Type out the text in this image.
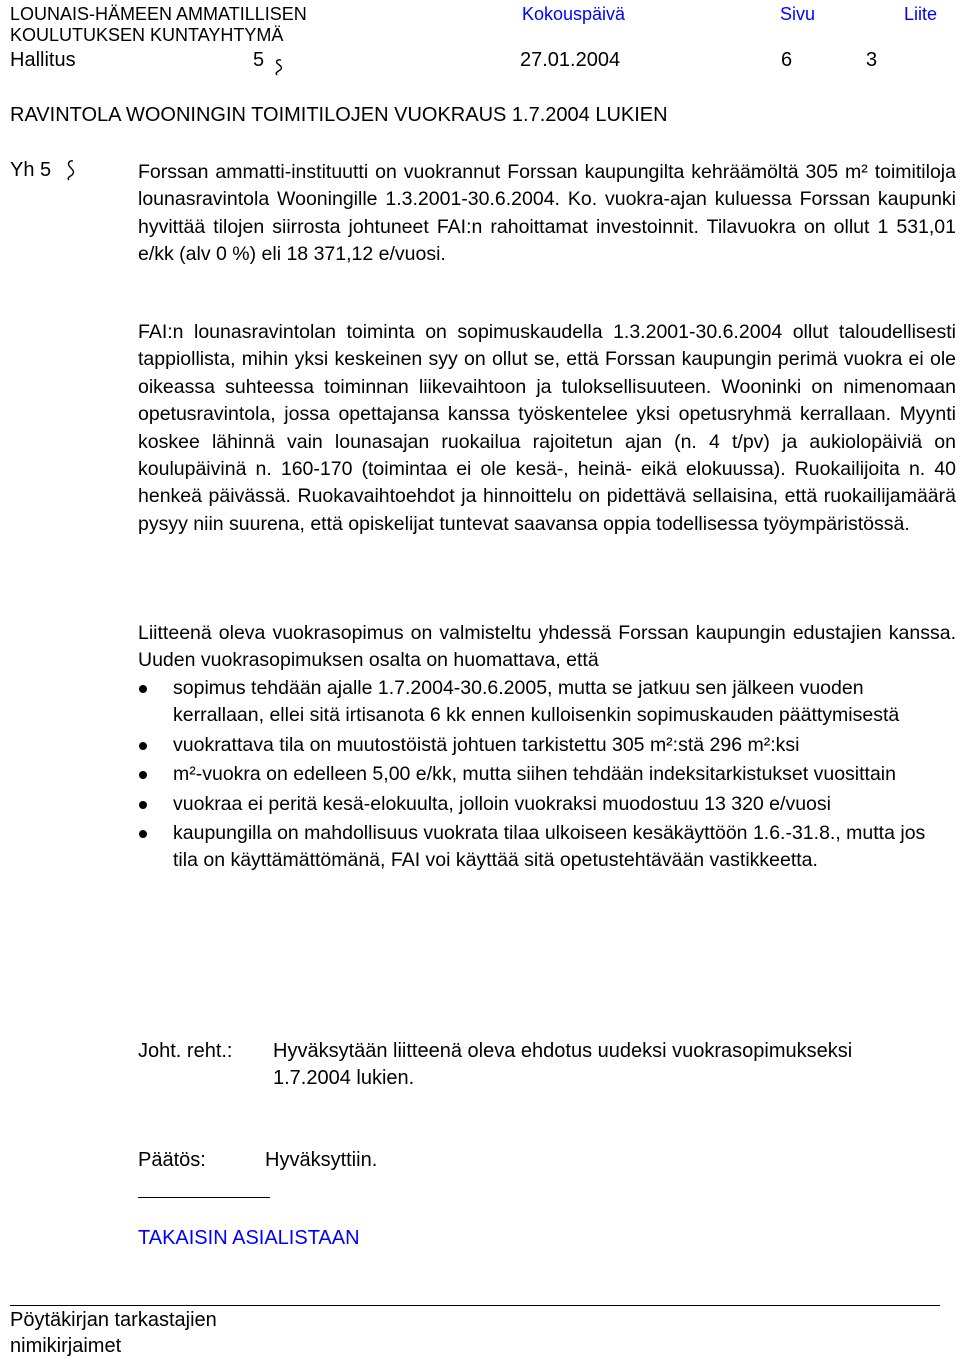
LOUNAIS-HÄMEEN AMMATILLISEN
KOULUTUKSEN KUNTAYHTYMÄ
Kokouspäivä	Sivu	Liite
Hallitus	5	27.01.2004	6	3
RAVINTOLA WOONINGIN TOIMITILOJEN VUOKRAUS 1.7.2004 LUKIEN
Yh 5	Forssan ammatti-instituutti on vuokrannut Forssan kaupungilta kehräämöltä 305 m² toimitiloja lounasravintola Wooningille 1.3.2001-30.6.2004. Ko. vuokra-ajan kuluessa Forssan kaupunki hyvittää tilojen siirrosta johtuneet FAI:n rahoittamat investoinnit. Tilavuokra on ollut 1 531,01 e/kk (alv 0 %) eli 18 371,12 e/vuosi.

FAI:n lounasravintolan toiminta on sopimuskaudella 1.3.2001-30.6.2004 ollut taloudellisesti tappiollista, mihin yksi keskeinen syy on ollut se, että Forssan kaupungin perimä vuokra ei ole oikeassa suhteessa toiminnan liikevaihtoon ja tuloksellisuuteen. Wooninki on nimenomaan opetusravintola, jossa opettajansa kanssa työskentelee yksi opetusryhmä kerrallaan. Myynti koskee lähinnä vain lounasajan ruokailua rajoitetun ajan (n. 4 t/pv) ja aukiolopäiviä on koulupäivinä n. 160-170 (toimintaa ei ole kesä-, heinä- eikä elokuussa). Ruokailijoita n. 40 henkeä päivässä. Ruokavaihtoehdot ja hinnoittelu on pidettävä sellaisina, että ruokailijamäärä pysyy niin suurena, että opiskelijat tuntevat saavansa oppia todellisessa työympäristössä.

Liitteenä oleva vuokrasopimus on valmisteltu yhdessä Forssan kaupungin edustajien kanssa. Uuden vuokrasopimuksen osalta on huomattava, että

sopimus tehdään ajalle 1.7.2004-30.6.2005, mutta se jatkuu sen jälkeen vuoden kerrallaan, ellei sitä irtisanota 6 kk ennen kulloisenkin sopimuskauden päättymisestä
vuokrattava tila on muutostöistä johtuen tarkistettu 305 m²:stä 296 m²:ksi
m²-vuokra on edelleen 5,00 e/kk, mutta siihen tehdään indeksitarkistukset vuosittain
vuokraa ei peritä kesä-elokuulta, jolloin vuokraksi muodostuu 13 320 e/vuosi
kaupungilla on mahdollisuus vuokrata tilaa ulkoiseen kesäkäyttöön 1.6.-31.8., mutta jos tila on käyttämättömänä, FAI voi käyttää sitä opetustehtävään vastikkeetta.
Joht. reht.: Hyväksytään liitteenä oleva ehdotus uudeksi vuokrasopimukseksi
1.7.2004 lukien.
Päätös:	Hyväksyttiin.
TAKAISIN ASIALISTAAN
Pöytäkirjan tarkastajien
nimikirjaimet
